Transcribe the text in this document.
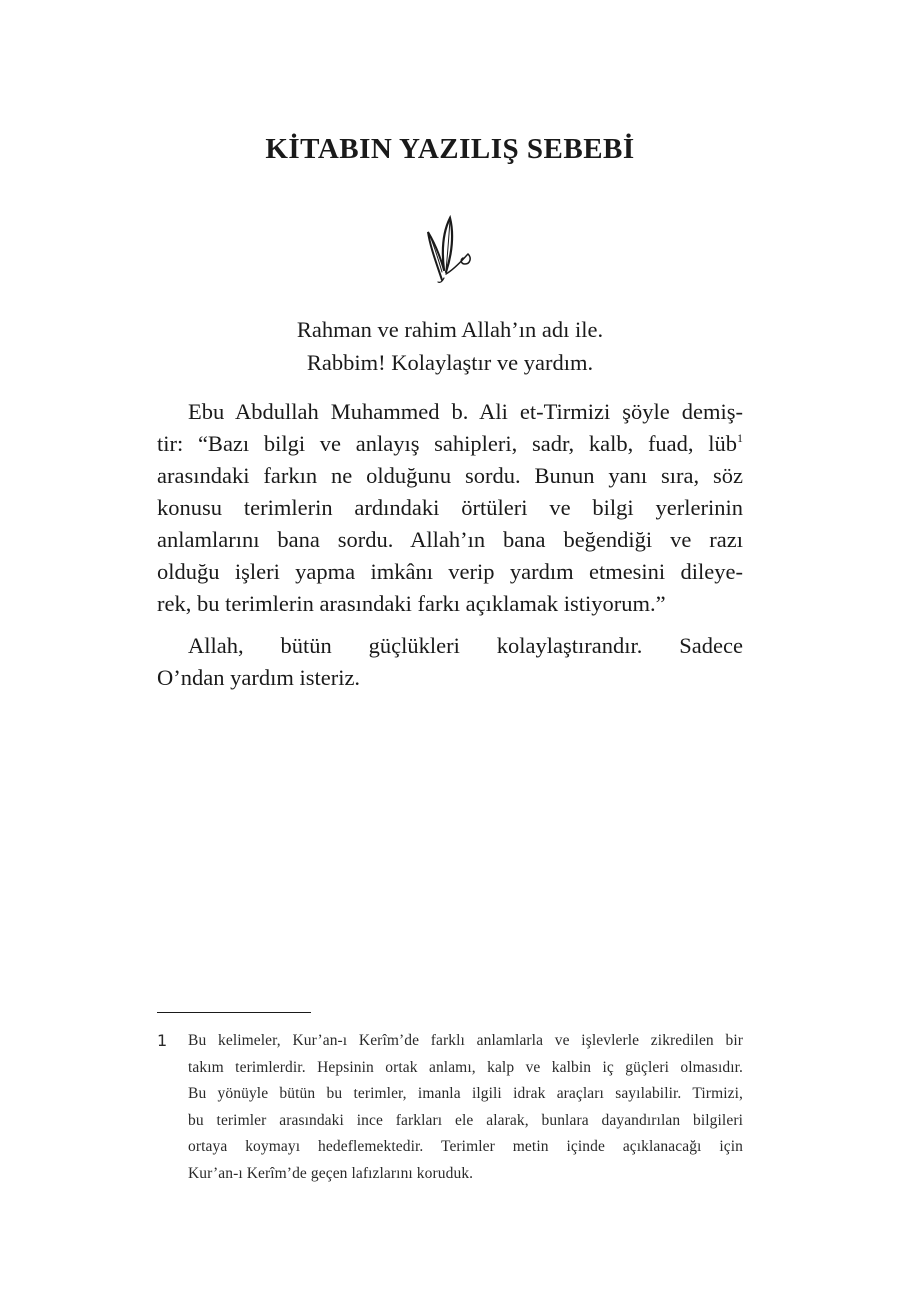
KİTABIN YAZILIŞ SEBEBİ
Rahman ve rahim Allah’ın adı ile.
Rabbim! Kolaylaştır ve yardım.
Ebu Abdullah Muhammed b. Ali et-Tirmizi şöyle demiş-
tir: “Bazı bilgi ve anlayış sahipleri, sadr, kalb, fuad, lüb$^1$
arasındaki farkın ne olduğunu sordu. Bunun yanı sıra, söz
konusu terimlerin ardındaki örtüleri ve bilgi yerlerinin
anlamlarını bana sordu. Allah’ın bana beğendiği ve razı
olduğu işleri yapma imkânı verip yardım etmesini dileye-
rek, bu terimlerin arasındaki farkı açıklamak istiyorum.”
Allah, bütün güçlükleri kolaylaştırandır. Sadece
O’ndan yardım isteriz.
1 Bu kelimeler, Kur’an-ı Kerîm’de farklı anlamlarla ve işlevlerle zikredilen bir
takım terimlerdir. Hepsinin ortak anlamı, kalp ve kalbin iç güçleri olmasıdır.
Bu yönüyle bütün bu terimler, imanla ilgili idrak araçları sayılabilir. Tirmizi,
bu terimler arasındaki ince farkları ele alarak, bunlara dayandırılan bilgileri
ortaya koymayı hedeflemektedir. Terimler metin içinde açıklanacağı için
Kur’an-ı Kerîm’de geçen lafızlarını koruduk.
